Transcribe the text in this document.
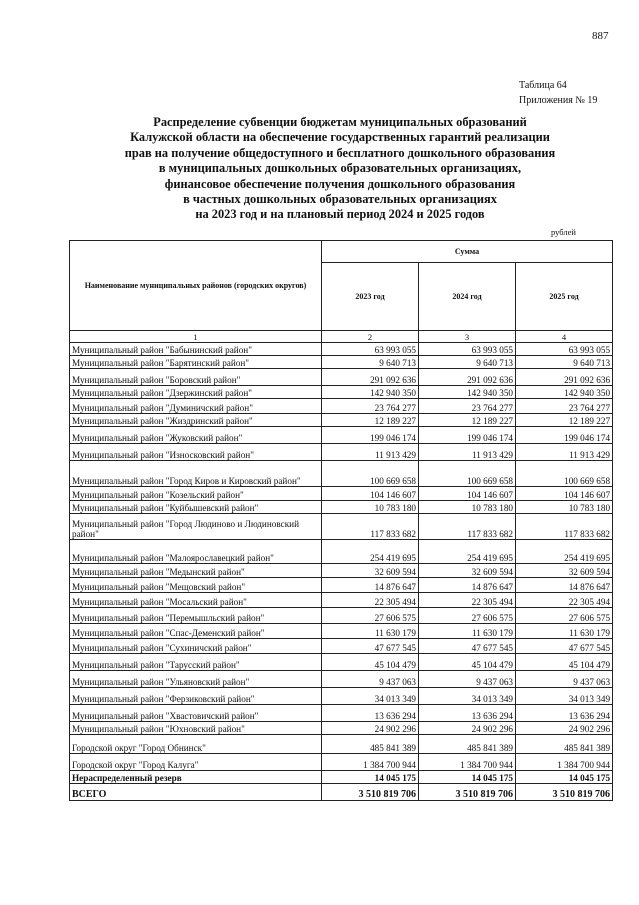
887
Таблица 64
Приложения № 19
Распределение субвенции бюджетам муниципальных образований
Калужской области на обеспечение государственных гарантий реализации
прав на получение общедоступного и бесплатного дошкольного образования
в муниципальных дошкольных образовательных организациях,
финансовое обеспечение получения дошкольного образования
в частных дошкольных образовательных организациях
на 2023 год и на плановый период 2024 и 2025 годов
рублей
Наименование муниципальных районов (городских округов)	Сумма		
	2023 год	2024 год	2025 год
1	2	3	4
Муниципальный район "Бабынинский район"	63 993 055	63 993 055	63 993 055
Муниципальный район "Барятинский район"	9 640 713	9 640 713	9 640 713
Муниципальный район "Боровский район"	291 092 636	291 092 636	291 092 636
Муниципальный район "Дзержинский район"	142 940 350	142 940 350	142 940 350
Муниципальный район "Думиничский район"	23 764 277	23 764 277	23 764 277
Муниципальный район "Жиздринский район"	12 189 227	12 189 227	12 189 227
Муниципальный район "Жуковский район"	199 046 174	199 046 174	199 046 174
Муниципальный район "Износковский район"	11 913 429	11 913 429	11 913 429
Муниципальный район "Город Киров и Кировский район"	100 669 658	100 669 658	100 669 658
Муниципальный район "Козельский район"	104 146 607	104 146 607	104 146 607
Муниципальный район "Куйбышевский район"	10 783 180	10 783 180	10 783 180
Муниципальный район "Город Людиново и Людиновский район"	117 833 682	117 833 682	117 833 682
Муниципальный район "Малоярославецкий район"	254 419 695	254 419 695	254 419 695
Муниципальный район "Медынский район"	32 609 594	32 609 594	32 609 594
Муниципальный район "Мещовский район"	14 876 647	14 876 647	14 876 647
Муниципальный район "Мосальский район"	22 305 494	22 305 494	22 305 494
Муниципальный район "Перемышльский район"	27 606 575	27 606 575	27 606 575
Муниципальный район "Спас-Деменский район"	11 630 179	11 630 179	11 630 179
Муниципальный район "Сухиничский район"	47 677 545	47 677 545	47 677 545
Муниципальный район "Тарусский район"	45 104 479	45 104 479	45 104 479
Муниципальный район "Ульяновский район"	9 437 063	9 437 063	9 437 063
Муниципальный район "Ферзиковский район"	34 013 349	34 013 349	34 013 349
Муниципальный район "Хвастовичский район"	13 636 294	13 636 294	13 636 294
Муниципальный район "Юхновский район"	24 902 296	24 902 296	24 902 296
Городской округ "Город Обнинск"	485 841 389	485 841 389	485 841 389
Городской округ "Город Калуга"	1 384 700 944	1 384 700 944	1 384 700 944
Нераспределенный резерв	14 045 175	14 045 175	14 045 175
ВСЕГО	3 510 819 706	3 510 819 706	3 510 819 706
